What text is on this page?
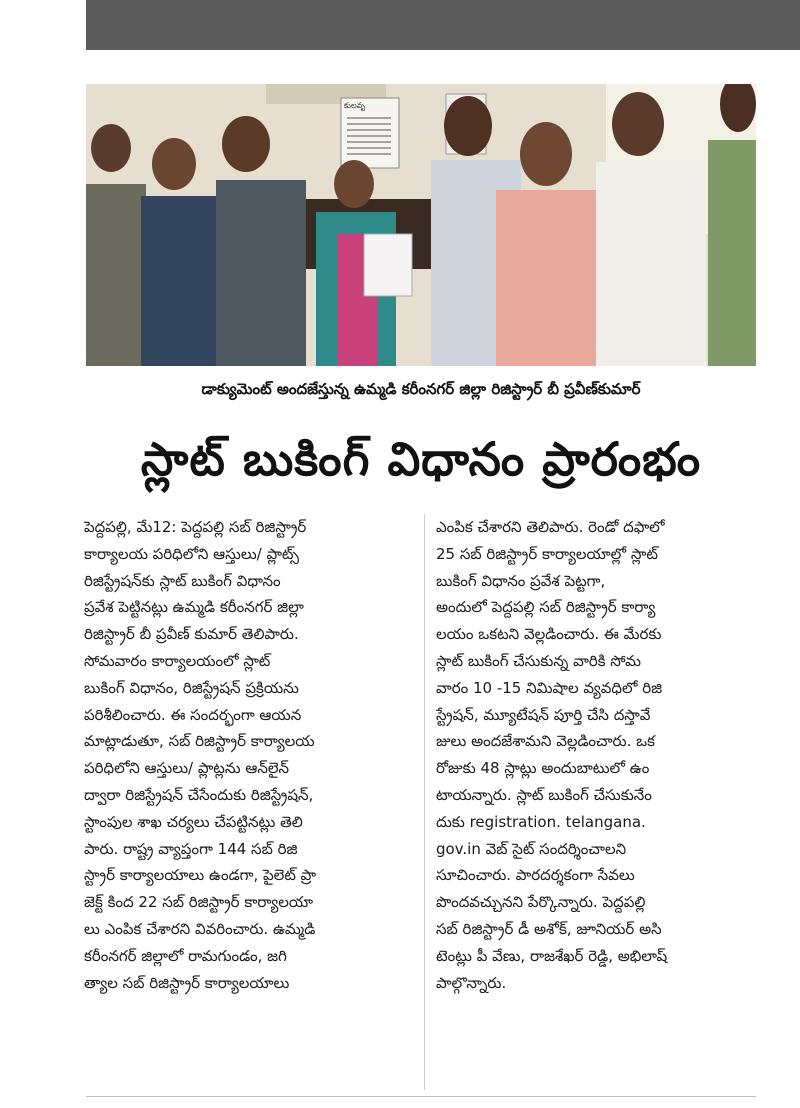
కులవృ
డాక్యుమెంట్ అందజేస్తున్న ఉమ్మడి కరీంనగర్ జిల్లా రిజిస్ట్రార్ బీ ప్రవీణ్‌కుమార్
స్లాట్ బుకింగ్ విధానం ప్రారంభం
పెద్దపల్లి, మే12: పెద్దపల్లి సబ్ రిజిస్ట్రార్
కార్యాలయ పరిధిలోని ఆస్తులు/ ప్లాట్స్
రిజిస్ట్రేషన్‌కు స్లాట్ బుకింగ్ విధానం
ప్రవేశ పెట్టినట్లు ఉమ్మడి కరీంనగర్ జిల్లా
రిజిస్ట్రార్ బీ ప్రవీణ్ కుమార్ తెలిపారు.
సోమవారం కార్యాలయంలో స్లాట్
బుకింగ్ విధానం, రిజిస్ట్రేషన్ ప్రక్రియను
పరిశీలించారు. ఈ సందర్భంగా ఆయన
మాట్లాడుతూ, సబ్ రిజిస్ట్రార్ కార్యాలయ
పరిధిలోని ఆస్తులు/ ప్లాట్లను ఆన్‌లైన్
ద్వారా రిజిస్ట్రేషన్ చేసేందుకు రిజిస్ట్రేషన్,
స్టాంపుల శాఖ చర్యలు చేపట్టినట్లు తెలి
పారు. రాష్ట్ర వ్యాప్తంగా 144 సబ్ రిజి
స్ట్రార్ కార్యాలయాలు ఉండగా, పైలెట్ ప్రా
జెక్ట్ కింద 22 సబ్ రిజిస్ట్రార్ కార్యాలయా
లు ఎంపిక చేశారని వివరించారు. ఉమ్మడి
కరీంనగర్ జిల్లాలో రామగుండం, జగి
త్యాల సబ్ రిజిస్ట్రార్ కార్యాలయాలు
ఎంపిక చేశారని తెలిపారు. రెండో దఫాలో
25 సబ్ రిజిస్ట్రార్ కార్యాలయాల్లో స్లాట్
బుకింగ్ విధానం ప్రవేశ పెట్టగా,
అందులో పెద్దపల్లి సబ్ రిజిస్ట్రార్ కార్యా
లయం ఒకటని వెల్లడించారు. ఈ మేరకు
స్లాట్ బుకింగ్ చేసుకున్న వారికి సోమ
వారం 10 -15 నిమిషాల వ్యవధిలో రిజి
స్ట్రేషన్, మ్యూటేషన్ పూర్తి చేసి దస్తావే
జులు అందజేశామని వెల్లడించారు. ఒక
రోజుకు 48 స్లాట్లు అందుబాటులో ఉం
టాయన్నారు. స్లాట్ బుకింగ్ చేసుకునేం
దుకు registration. telangana.
gov.in వెబ్ సైట్ సందర్శించాలని
సూచించారు. పారదర్శకంగా సేవలు
పొందవచ్చునని పేర్కొన్నారు. పెద్దపల్లి
సబ్ రిజిస్ట్రార్ డీ అశోక్, జూనియర్ అసి
టెంట్లు పీ వేణు, రాజశేఖర్ రెడ్డి, అభిలాష్
పాల్గొన్నారు.
